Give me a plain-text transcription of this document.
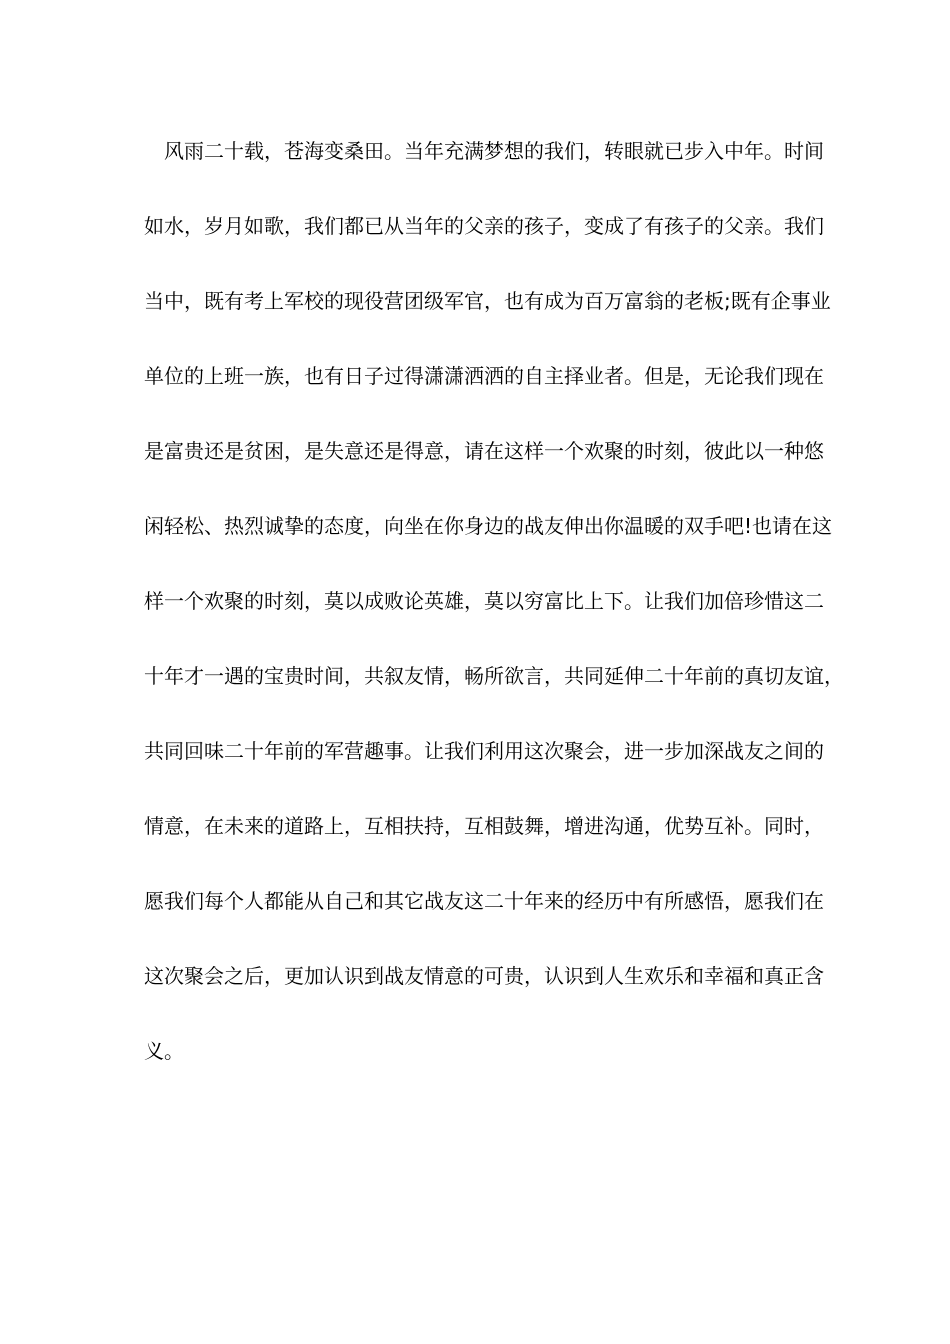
风雨二十载，苍海变桑田。当年充满梦想的我们，转眼就已步入中年。时间
如水，岁月如歌，我们都已从当年的父亲的孩子，变成了有孩子的父亲。我们
当中，既有考上军校的现役营团级军官，也有成为百万富翁的老板;既有企事业
单位的上班一族，也有日子过得潇潇洒洒的自主择业者。但是，无论我们现在
是富贵还是贫困，是失意还是得意，请在这样一个欢聚的时刻，彼此以一种悠
闲轻松、热烈诚挚的态度，向坐在你身边的战友伸出你温暖的双手吧!也请在这
样一个欢聚的时刻，莫以成败论英雄，莫以穷富比上下。让我们加倍珍惜这二
十年才一遇的宝贵时间，共叙友情，畅所欲言，共同延伸二十年前的真切友谊，
共同回味二十年前的军营趣事。让我们利用这次聚会，进一步加深战友之间的
情意，在未来的道路上，互相扶持，互相鼓舞，增进沟通，优势互补。同时，
愿我们每个人都能从自己和其它战友这二十年来的经历中有所感悟，愿我们在
这次聚会之后，更加认识到战友情意的可贵，认识到人生欢乐和幸福和真正含
义。
